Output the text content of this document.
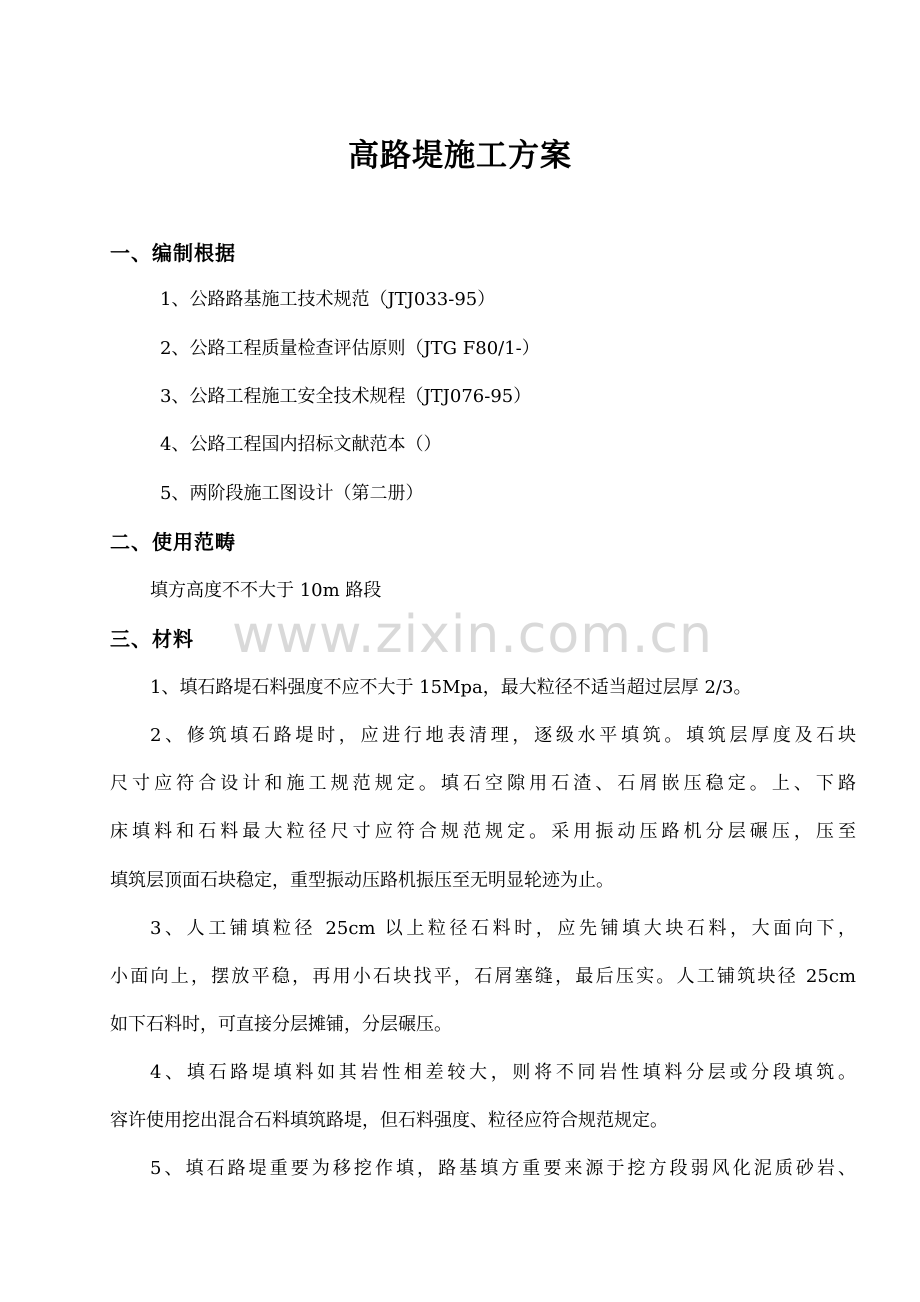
www.zixin.com.cn
高路堤施工方案
一、编制根据
1、公路路基施工技术规范（JTJ033-95）
2、公路工程质量检查评估原则（JTG F80/1-）
3、公路工程施工安全技术规程（JTJ076-95）
4、公路工程国内招标文献范本（）
5、两阶段施工图设计（第二册）
二、使用范畴
填方高度不不大于 10m 路段
三、材料
1、填石路堤石料强度不应不大于 15Mpa，最大粒径不适当超过层厚 2/3。
2、修筑填石路堤时，应进行地表清理，逐级水平填筑。填筑层厚度及石块
尺寸应符合设计和施工规范规定。填石空隙用石渣、石屑嵌压稳定。上、下路
床填料和石料最大粒径尺寸应符合规范规定。采用振动压路机分层碾压，压至
填筑层顶面石块稳定，重型振动压路机振压至无明显轮迹为止。
3、人工铺填粒径 25cm 以上粒径石料时，应先铺填大块石料，大面向下，
小面向上，摆放平稳，再用小石块找平，石屑塞缝，最后压实。人工铺筑块径 25cm
如下石料时，可直接分层摊铺，分层碾压。
4、填石路堤填料如其岩性相差较大，则将不同岩性填料分层或分段填筑。
容许使用挖出混合石料填筑路堤，但石料强度、粒径应符合规范规定。
5、填石路堤重要为移挖作填，路基填方重要来源于挖方段弱风化泥质砂岩、
